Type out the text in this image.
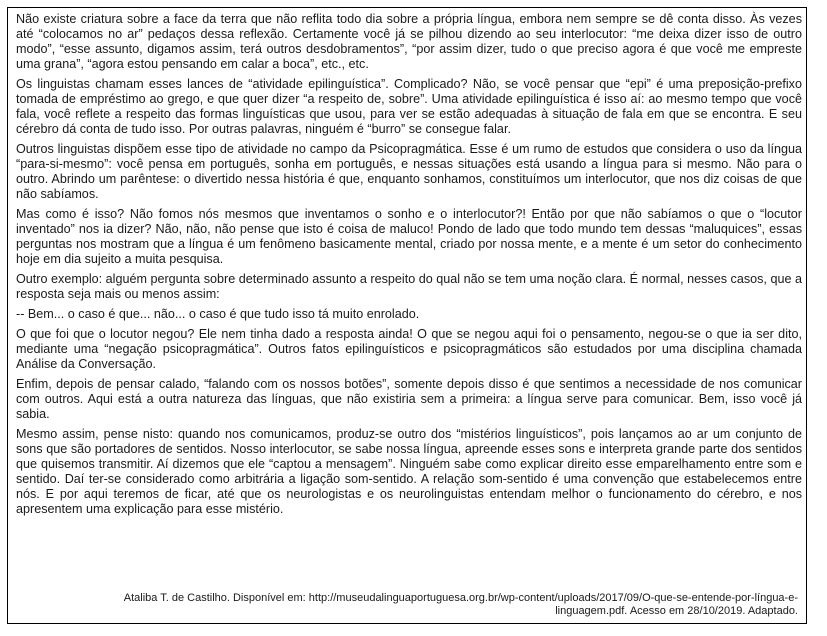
Não existe criatura sobre a face da terra que não reflita todo dia sobre a própria língua, embora nem sempre se dê conta disso. Às vezes até “colocamos no ar” pedaços dessa reflexão. Certamente você já se pilhou dizendo ao seu interlocutor: “me deixa dizer isso de outro modo”, “esse assunto, digamos assim, terá outros desdobramentos”, “por assim dizer, tudo o que preciso agora é que você me empreste uma grana”, “agora estou pensando em calar a boca”, etc., etc.

Os linguistas chamam esses lances de “atividade epilinguística”. Complicado? Não, se você pensar que “epi” é uma preposição-prefixo tomada de empréstimo ao grego, e que quer dizer “a respeito de, sobre”. Uma atividade epilinguística é isso aí: ao mesmo tempo que você fala, você reflete a respeito das formas linguísticas que usou, para ver se estão adequadas à situação de fala em que se encontra. E seu cérebro dá conta de tudo isso. Por outras palavras, ninguém é “burro” se consegue falar.

Outros linguistas dispõem esse tipo de atividade no campo da Psicopragmática. Esse é um rumo de estudos que considera o uso da língua “para-si-mesmo”: você pensa em português, sonha em português, e nessas situações está usando a língua para si mesmo. Não para o outro. Abrindo um parêntese: o divertido nessa história é que, enquanto sonhamos, constituímos um interlocutor, que nos diz coisas de que não sabíamos.

Mas como é isso? Não fomos nós mesmos que inventamos o sonho e o interlocutor?! Então por que não sabíamos o que o “locutor inventado” nos ia dizer? Não, não, não pense que isto é coisa de maluco! Pondo de lado que todo mundo tem dessas “maluquices”, essas perguntas nos mostram que a língua é um fenômeno basicamente mental, criado por nossa mente, e a mente é um setor do conhecimento hoje em dia sujeito a muita pesquisa.

Outro exemplo: alguém pergunta sobre determinado assunto a respeito do qual não se tem uma noção clara. É normal, nesses casos, que a resposta seja mais ou menos assim:

-- Bem... o caso é que... não... o caso é que tudo isso tá muito enrolado.

O que foi que o locutor negou? Ele nem tinha dado a resposta ainda! O que se negou aqui foi o pensamento, negou-se o que ia ser dito, mediante uma “negação psicopragmática”. Outros fatos epilinguísticos e psicopragmáticos são estudados por uma disciplina chamada Análise da Conversação.

Enfim, depois de pensar calado, “falando com os nossos botões”, somente depois disso é que sentimos a necessidade de nos comunicar com outros. Aqui está a outra natureza das línguas, que não existiria sem a primeira: a língua serve para comunicar. Bem, isso você já sabia.

Mesmo assim, pense nisto: quando nos comunicamos, produz-se outro dos “mistérios linguísticos”, pois lançamos ao ar um conjunto de sons que são portadores de sentidos. Nosso interlocutor, se sabe nossa língua, apreende esses sons e interpreta grande parte dos sentidos que quisemos transmitir. Aí dizemos que ele “captou a mensagem”. Ninguém sabe como explicar direito esse emparelhamento entre som e sentido. Daí ter-se considerado como arbitrária a ligação som-sentido. A relação som-sentido é uma convenção que estabelecemos entre nós. E por aqui teremos de ficar, até que os neurologistas e os neurolinguistas entendam melhor o funcionamento do cérebro, e nos apresentem uma explicação para esse mistério.

Ataliba T. de Castilho. Disponível em: http://museudalinguaportuguesa.org.br/wp-content/uploads/2017/09/O-que-se-entende-por-língua-e-
linguagem.pdf. Acesso em 28/10/2019. Adaptado.
